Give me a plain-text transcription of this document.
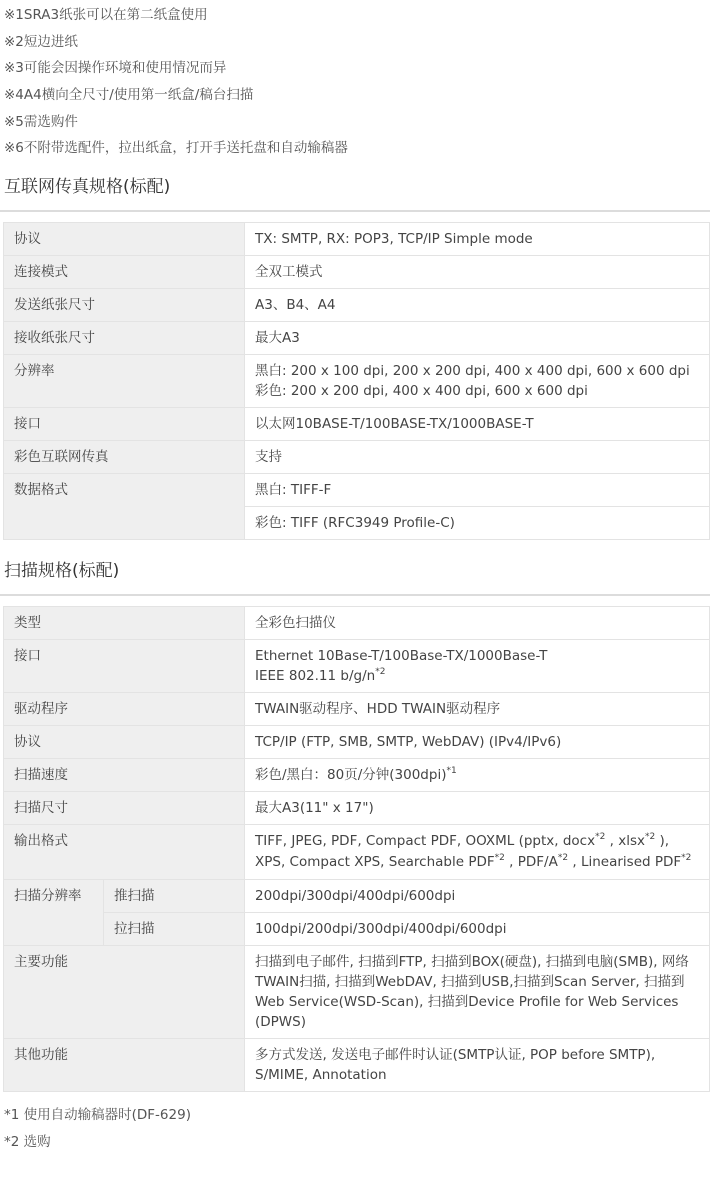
※1SRA3纸张可以在第二纸盒使用
※2短边进纸
※3可能会因操作环境和使用情况而异
※4A4横向全尺寸/使用第一纸盒/稿台扫描
※5需选购件
※6不附带选配件，拉出纸盒，打开手送托盘和自动输稿器
互联网传真规格(标配)
协议	TX: SMTP, RX: POP3, TCP/IP Simple mode
连接模式	全双工模式
发送纸张尺寸	A3、B4、A4
接收纸张尺寸	最大A3
分辨率	黑白: 200 x 100 dpi, 200 x 200 dpi, 400 x 400 dpi, 600 x 600 dpi
彩色: 200 x 200 dpi, 400 x 400 dpi, 600 x 600 dpi

接口	以太网10BASE-T/100BASE-TX/1000BASE-T
彩色互联网传真	支持
数据格式	黑白: TIFF-F
	彩色: TIFF (RFC3949 Profile-C)
扫描规格(标配)
类型		全彩色扫描仪
接口		Ethernet 10Base-T/100Base-TX/1000Base-T
IEEE 802.11 $b/g/n^{*2}$

驱动程序		TWAIN驱动程序、HDD TWAIN驱动程序
协议		TCP/IP (FTP, SMB, SMTP, WebDAV) (IPv4/IPv6)
扫描速度		彩色/黑白：80页/分钟$(300dpi)^{*1}$
扫描尺寸		最大A3(11" x 17")
输出格式		TIFF, JPEG, PDF, Compact PDF, OOXML (pptx, docx$^{*2}$ , xlsx$^{*2}$ ), XPS, Compact XPS, Searchable PDF$^{*2}$ , PDF/$A^{*2}$ , Linearised PDF$^{*2}$
扫描分辨率	推扫描	200dpi/300dpi/400dpi/600dpi
	拉扫描	100dpi/200dpi/300dpi/400dpi/600dpi
主要功能		扫描到电子邮件, 扫描到FTP, 扫描到BOX(硬盘), 扫描到电脑(SMB), 网络TWAIN扫描, 扫描到WebDAV, 扫描到USB,扫描到Scan Server, 扫描到Web Service(WSD-Scan), 扫描到Device Profile for Web Services (DPWS)
其他功能		多方式发送, 发送电子邮件时认证(SMTP认证, POP before SMTP), S/MIME, Annotation
*1 使用自动输稿器时(DF-629)
*2 选购
